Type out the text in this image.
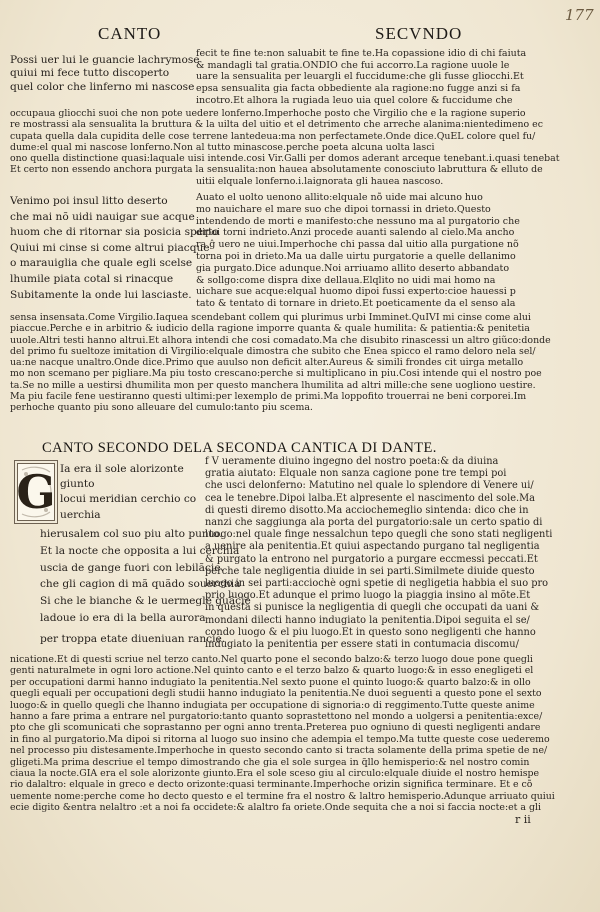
177
CANTO	SECVNDO
Possi uer lui le guancie lachrymose
quiui mi fece tutto discoperto
quel color che linferno mi nascose
fecit te fine te:non saluabit te fine te.Ha copassione idio di chi faiuta
& mandagli tal gratia.ONDIO che fui accorro.La ragione uuole le
uare la sensualita per leuargli el fuccidume:che gli fusse gliocchi.Et
epsa sensualita gia facta obbediente ala ragione:no fugge anzi si fa
incotro.Et alhora la rugiada leuo uia quel colore & fuccidume che
occupaua gliocchi suoi che non pote uedere lonferno.Imperhoche posto che Virgilio che e la ragione superio
re mostrassi ala sensualita la bruttura & la uilta del uitio et el detrimento che arreche alanima:nientedimeno ec
cupata quella dala cupidita delle cose terrene lantedeua:ma non perfectamete.Onde dice.QuEL colore quel fu/
dume:el qual mi nascose lonferno.Non al tutto minascose.perche poeta alcuna uolta lasci
ono quella distinctione quasi:laquale uisi intende.cosi Vir.Galli per domos aderant arceque tenebant.i.quasi tenebat
Et certo non essendo anchora purgata la sensualita:non hauea absolutamente conosciuto labruttura & elluto de
uitii elquale lonferno.i.laignorata gli hauea nascoso.
Venimo poi insul litto deserto
che mai nõ uidi nauigar sue acque
huom che di ritornar sia posicia sperto
Quiui mi cinse si come altrui piacque
o marauiglia che quale egli scelse
lhumile piata cotal si rinacque
Subitamente la onde lui lasciaste.
Auato el uolto uenono allito:elquale nõ uide mai alcuno huo
mo nauichare el mare suo che dipoi tornassi in drieto.Questo
intendendo de morti e manifesto:che nessuno ma al purgatorio che
dipoi torni indrieto.Anzi procede auanti salendo al cielo.Ma ancho
ra ĝ uero ne uiui.Imperhoche chi passa dal uitio alla purgatione nõ
torna poi in drieto.Ma ua dalle uirtu purgatorie a quelle dellanimo
gia purgato.Dice adunque.Noi arriuamo allito deserto abbandato
& sollgo:come dispra dixe dellaua.Elqlito no uidi mai homo na
uichare sue acque:elqual huomo dipoi fussi experto:cioe hauessi p
tato & tentato di tornare in drieto.Et poeticamente da el senso ala
sensa insensata.Come Virgilio.Iaquea scendebant collem qui plurimus urbi Imminet.QuIVI mi cinse come alui
piaccue.Perche e in arbitrio & iudicio della ragione imporre quanta & quale humilita: & patientia:& penitetia
uuole.Altri testi hanno altrui.Et alhora intendi che cosi comadato.Ma che disubito rinascessi un altro giũco:donde
del primo fu sueltoze imitation di Virgilio:elquale dimostra che subito che Enea spicco el ramo deloro nela sel/
ua:ne nacque unaltro.Onde dice.Primo que auulso non deficit alter.Aureus & simili frondes cit uirga metallo
mo non scemano per pigliare.Ma piu tosto crescano:perche si multiplicano in piu.Cosi intende qui el nostro poe
ta.Se no mille a uestirsi dhumilita mon per questo manchera lhumilita ad altri mille:che sene uogliono uestire.
Ma piu facile fene uestiranno questi ultimi:per lexemplo de primi.Ma loppofito trouerrai ne beni corporei.Im
perhoche quanto piu sono alleuare del cumulo:tanto piu scema.
CANTO SECONDO DELA SECONDA CANTICA DI DANTE.
G Ia era il sole alorizonte
giunto
locui meridian cerchio co
uerchia
hierusalem col suo piu alto punto.
Et la nocte che opposita a lui cerchia
uscia de gange fuori con lebilãcie.
che gli cagion di mã quãdo souerchia
Si che le bianche & le uermegle guãcie
ladoue io era di la bella aurora
per troppa etate diueniuan rancie.
f V ueramente diuino ingegno del nostro poeta:& da diuina
gratia aiutato: Elquale non sanza cagione pone tre tempi poi
che usci delonferno: Matutino nel quale lo splendore di Venere ui/
cea le tenebre.Dipoi lalba.Et alpresente el nascimento del sole.Ma
di questi diremo disotto.Ma acciochemeglio sintenda: dico che in
nanzi che saggiunga ala porta del purgatorio:sale un certo spatio di
luogo:nel quale finge nessalchun tepo quegli che sono stati negligenti
a uenire ala penitentia.Et quiui aspectando purgano tal negligentia
& purgato la entrono nel purgatorio a purgare eccmessi peccati.Et
perche tale negligentia diuide in sei parti.Similmete diuide questo
luogo in sei parti:acciochè ogni spetie di negligetia habbia el suo pro
prio luogo.Et adunque el primo luogo la piaggia insino al mõte.Et
in questa si punisce la negligentia di quegli che occupati da uani &
mondani dilecti hanno indugiato la penitentia.Dipoi seguita el se/
condo luogo & el piu luogo.Et in questo sono negligenti che hanno
indugiato la penitentia per essere stati in contumacia discomu/
nicatione.Et di questi scriue nel terzo canto.Nel quarto pone el secondo balzo:& terzo luogo doue pone quegli
genti naturalmete in ogni loro actione.Nel quinto canto e el terzo balzo & quarto luogo:& in esso enegligeti el
per occupationi darmi hanno indugiato la penitentia.Nel sexto puone el quinto luogo:& quarto balzo:& in ollo
quegli equali per occupationi degli studii hanno indugiato la penitentia.Ne duoi seguenti a questo pone el sexto
luogo:& in quello quegli che lhanno indugiata per occupatione di signoria:o di reggimento.Tutte queste anime
hanno a fare prima a entrare nel purgatorio:tanto quanto soprastettono nel mondo a uolgersi a penitentia:exce/
pto che gli scomunicati che soprastanno per ogni anno trenta.Preterea puo ogniuno di questi negligenti andare
in fino al purgatorio.Ma dipoi si ritorna al luogo suo insino che adempia el tempo.Ma tutte queste cose uederemo
nel processo piu distesamente.Imperhoche in questo secondo canto si tracta solamente della prima spetie de ne/
gligeti.Ma prima descriue el tempo dimostrando che gia el sole surgea in q̃llo hemisperio:& nel nostro comin
ciaua la nocte.GIA era el sole alorizonte giunto.Era el sole sceso giu al circulo:elquale diuide el nostro hemispe
rio dalaltro: elquale in greco e decto orizonte:quasi terminante.Imperhoche orizin significa terminare. Et e cõ
uemente nome:perche come ho decto questo e el termine fra el nostro & laltro hemisperio.Adunque arriuato quiui
ecie digito &entra nelaltro :et a noi fa occidete:& alaltro fa oriete.Onde sequita che a noi si faccia nocte:et a gli
r ii
